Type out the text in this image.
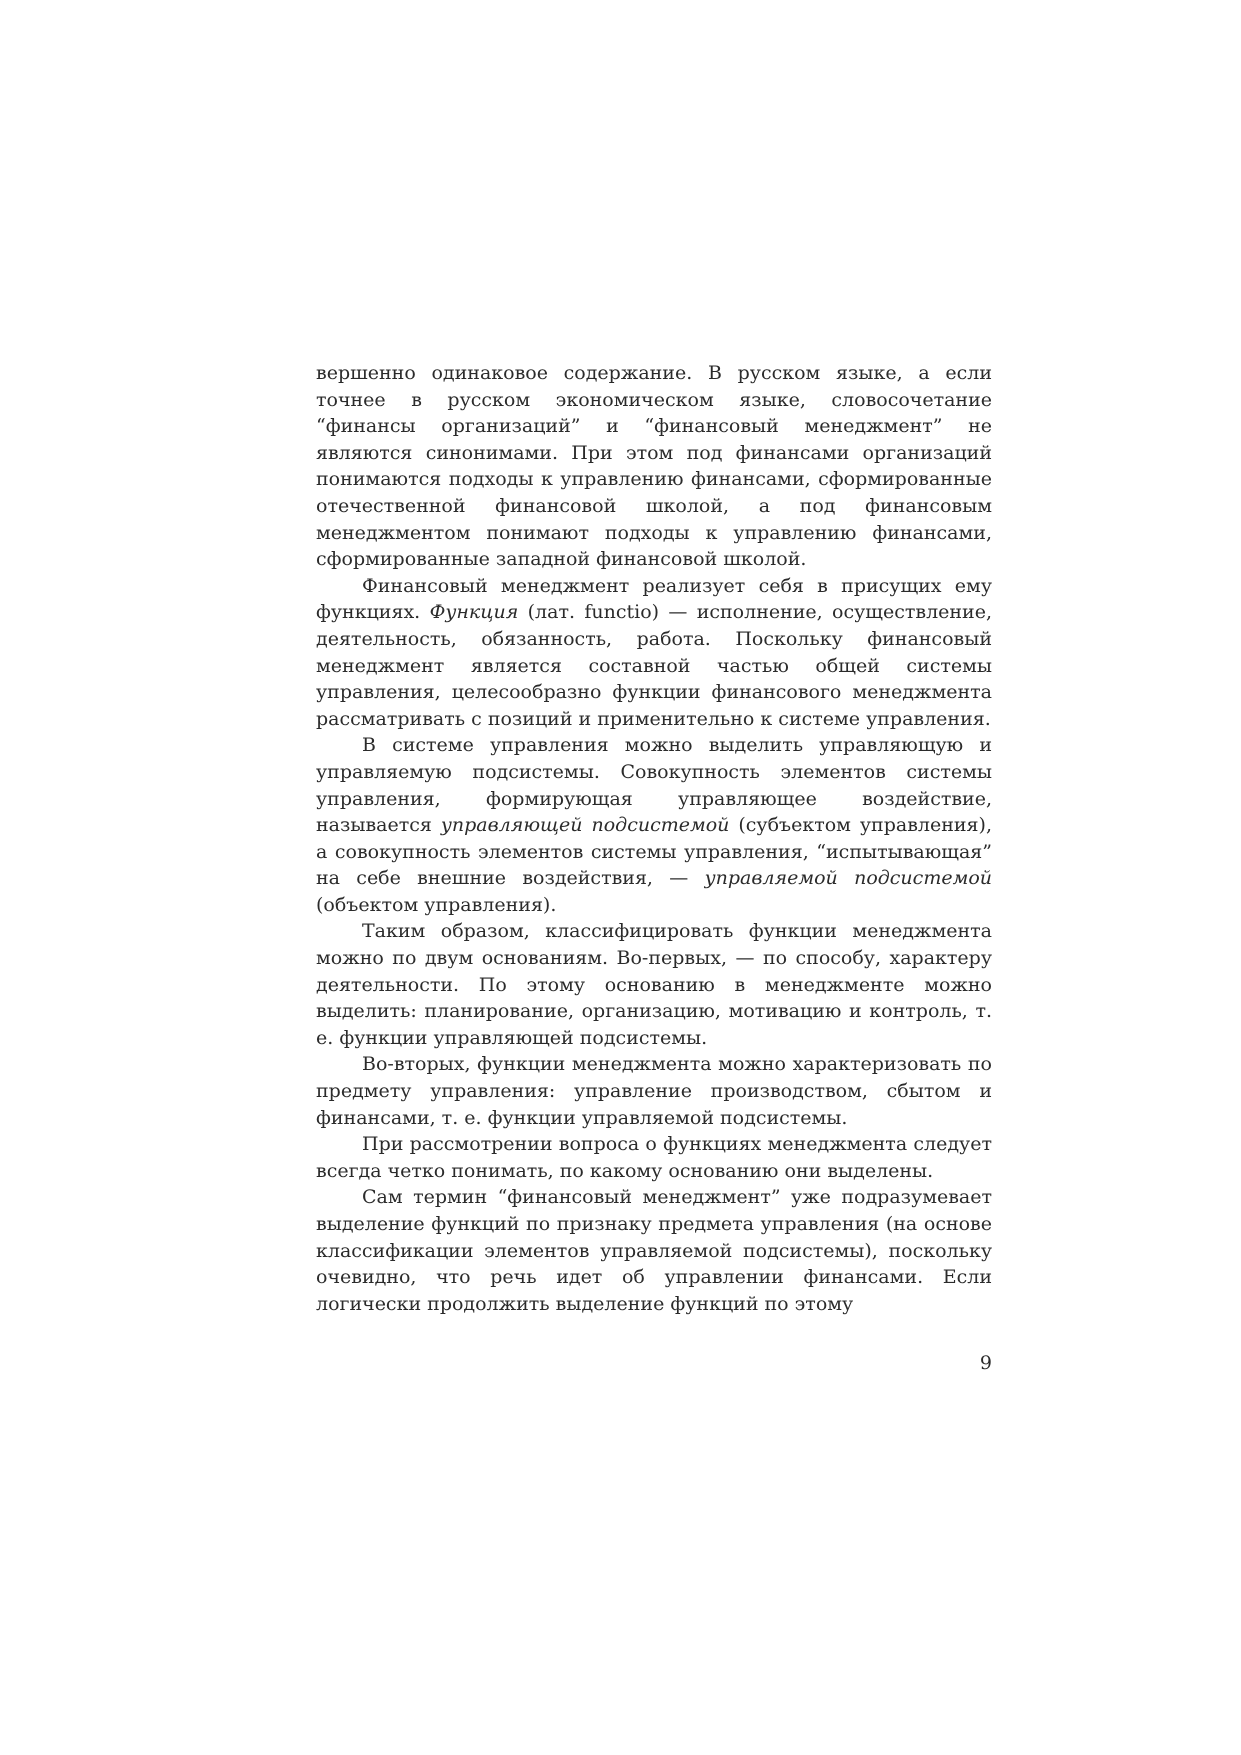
вершенно одинаковое содержание. В русском языке, а если точнее в русском экономическом языке, словосочетание “финансы организаций” и “финансовый менеджмент” не являются синонимами. При этом под финансами организаций понимаются подходы к управлению финансами, сформированные отечественной финансовой школой, а под финансовым менеджментом понимают подходы к управлению финансами, сформированные западной финансовой школой.

Финансовый менеджмент реализует себя в присущих ему функциях. Функция (лат. functio) — исполнение, осуществление, деятельность, обязанность, работа. Поскольку финансовый менеджмент является составной частью общей системы управления, целесообразно функции финансового менеджмента рассматривать с позиций и применительно к системе управления.

В системе управления можно выделить управляющую и управляемую подсистемы. Совокупность элементов системы управления, формирующая управляющее воздействие, называется управляющей подсистемой (субъектом управления), а совокупность элементов системы управления, “испытывающая” на себе внешние воздействия, — управляемой подсистемой (объектом управления).

Таким образом, классифицировать функции менеджмента можно по двум основаниям. Во-первых, — по способу, характеру деятельности. По этому основанию в менеджменте можно выделить: планирование, организацию, мотивацию и контроль, т. е. функции управляющей подсистемы.

Во-вторых, функции менеджмента можно характеризовать по предмету управления: управление производством, сбытом и финансами, т. е. функции управляемой подсистемы.

При рассмотрении вопроса о функциях менеджмента следует всегда четко понимать, по какому основанию они выделены.

Сам термин “финансовый менеджмент” уже подразумевает выделение функций по признаку предмета управления (на основе классификации элементов управляемой подсистемы), поскольку очевидно, что речь идет об управлении финансами. Если логически продолжить выделение функций по этому

9
